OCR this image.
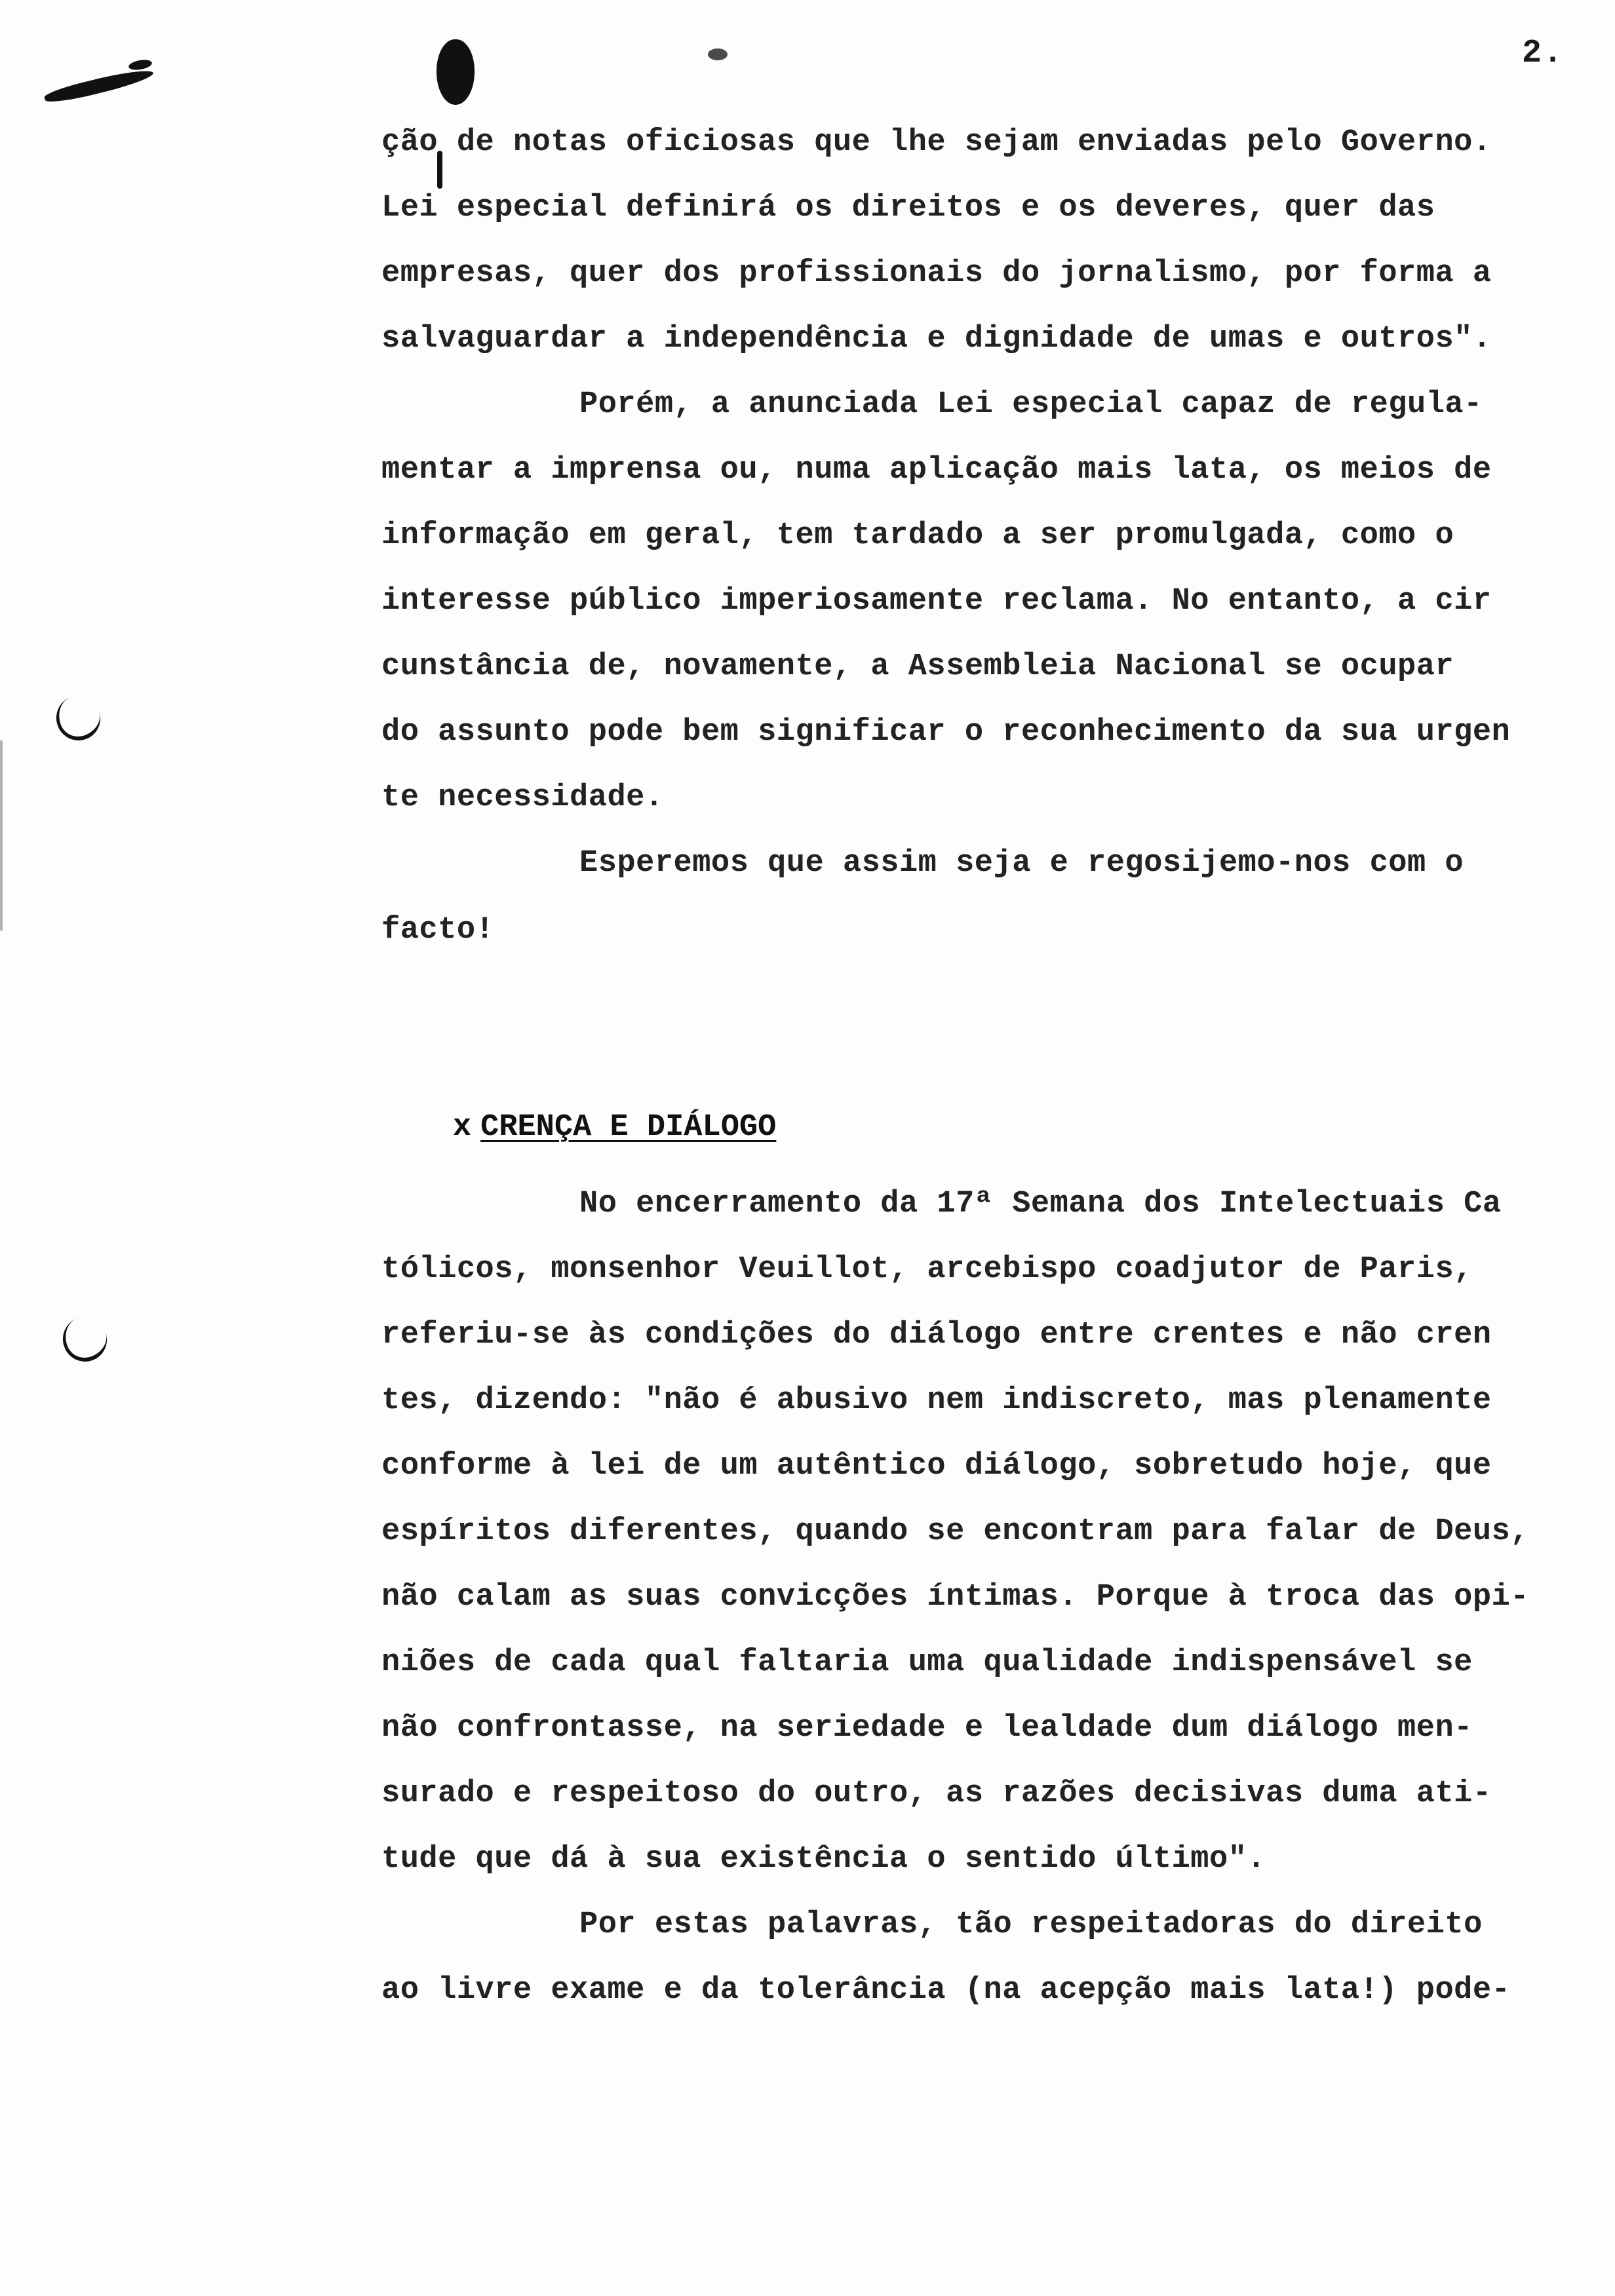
2.
ção de notas oficiosas que lhe sejam enviadas pelo Governo.
Lei especial definirá os direitos e os deveres, quer das
empresas, quer dos profissionais do jornalismo, por forma a
salvaguardar a independência e dignidade de umas e outros".
Porém, a anunciada Lei especial capaz de regula-
mentar a imprensa ou, numa aplicação mais lata, os meios de
informação em geral, tem tardado a ser promulgada, como o
interesse público imperiosamente reclama. No entanto, a cir
cunstância de, novamente, a Assembleia Nacional se ocupar
do assunto pode bem significar o reconhecimento da sua urgen
te necessidade.
Esperemos que assim seja e regosijemo-nos com o
facto!

x CRENÇA E DIÁLOGO

No encerramento da 17ª Semana dos Intelectuais Ca
tólicos, monsenhor Veuillot, arcebispo coadjutor de Paris,
referiu-se às condições do diálogo entre crentes e não cren
tes, dizendo: "não é abusivo nem indiscreto, mas plenamente
conforme à lei de um autêntico diálogo, sobretudo hoje, que
espíritos diferentes, quando se encontram para falar de Deus,
não calam as suas convicções íntimas. Porque à troca das opi-
niões de cada qual faltaria uma qualidade indispensável se
não confrontasse, na seriedade e lealdade dum diálogo men-
surado e respeitoso do outro, as razões decisivas duma ati-
tude que dá à sua existência o sentido último".
Por estas palavras, tão respeitadoras do direito
ao livre exame e da tolerância (na acepção mais lata!) pode-
